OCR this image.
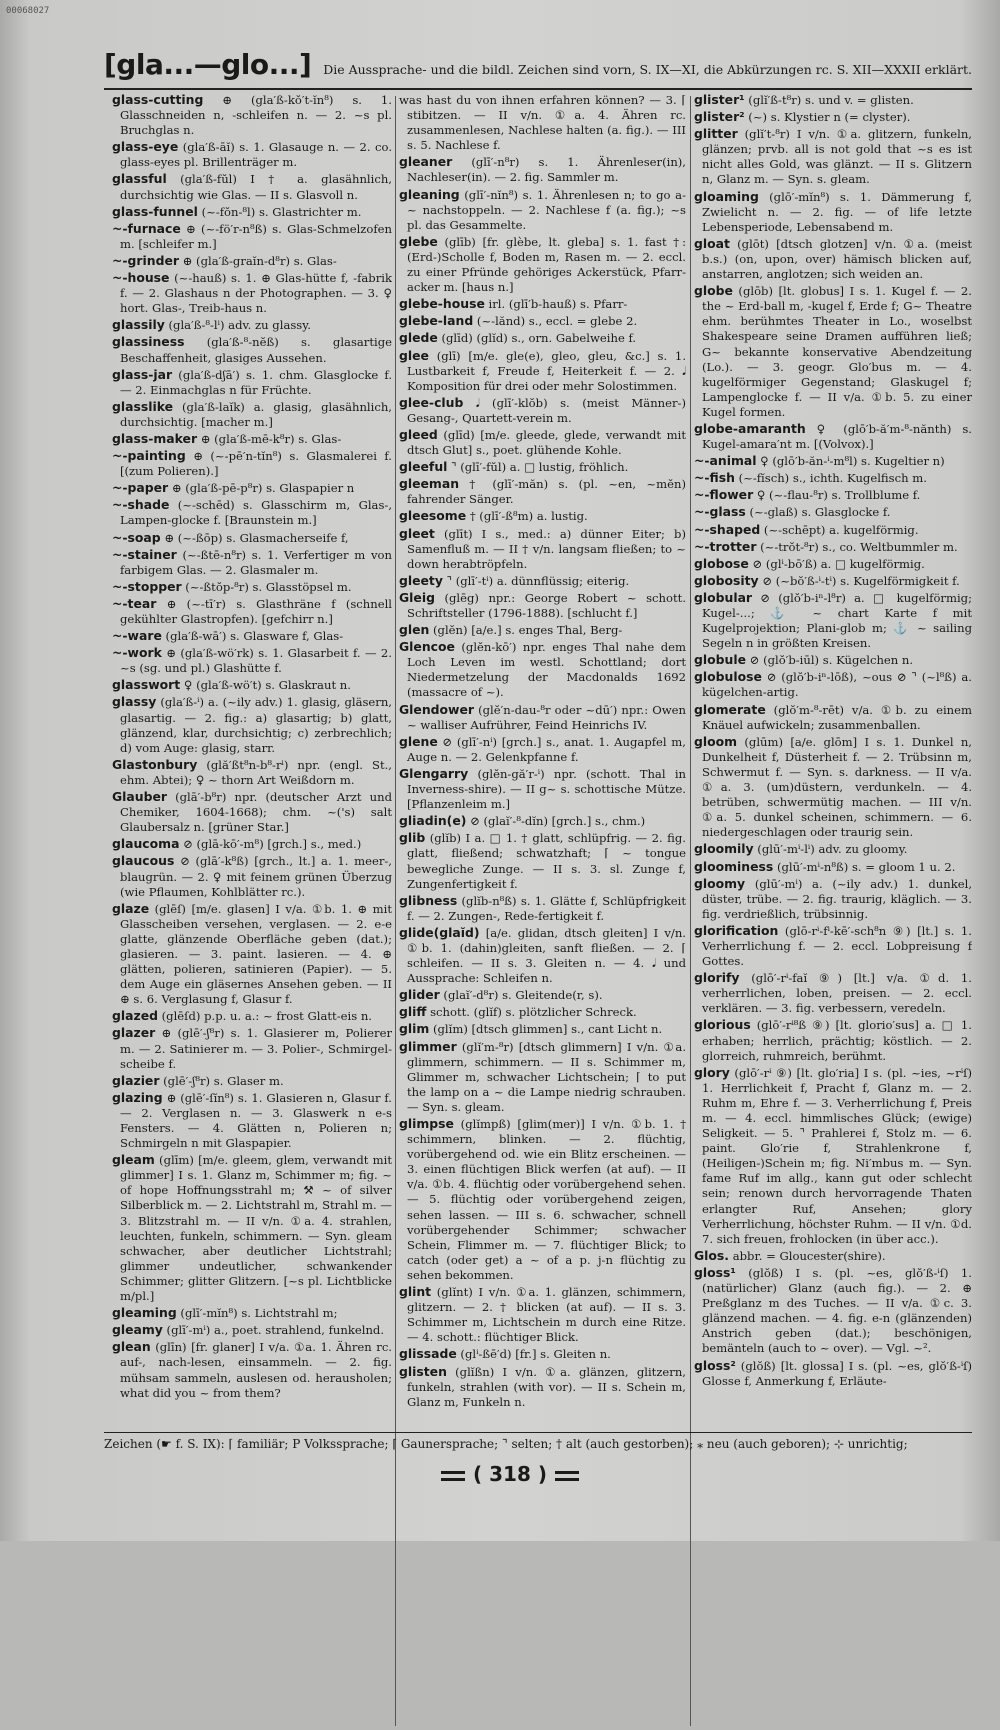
00068027
[gla...—glo...] Die Aussprache- und die bildl. Zeichen sind vorn, S. IX—XI, die Abkürzungen rc. S. XII—XXXII erklärt.
glass-cutting ⊕ (gla′ß-kŏ′t-ĭn⁸) s. 1. Glasschneiden n, -schleifen n. — 2. ~s pl. Bruchglas n.
glass-eye (gla′ß-āĭ) s. 1. Glasauge n. — 2. co. glass-eyes pl. Brillenträger m.
glassful (gla′ß-fŭl) I † a. glasähnlich, durchsichtig wie Glas. — II s. Glasvoll n.
glass-funnel (~-fŏn-⁸l) s. Glastrichter m.
~-furnace ⊕ (~-fö′r-n⁸ß) s. Glas-Schmelzofen m. [schleifer m.]
~-grinder ⊕ (gla′ß-graĭn-d⁸r) s. Glas-
~-house (~-hauß) s. 1. ⊕ Glas-hütte f, -fabrik f. — 2. Glashaus n der Photographen. — 3. ♀ hort. Glas-, Treib-haus n.
glassily (gla′ß-⁸-lⁱ) adv. zu glassy.
glassiness (gla′ß-⁸-nĕß) s. glasartige Beschaffenheit, glasiges Aussehen.
glass-jar (gla′ß-dʃā′) s. 1. chm. Glasglocke f. — 2. Einmachglas n für Früchte.
glasslike (gla′ß-laĭk) a. glasig, glasähnlich, durchsichtig. [macher m.]
glass-maker ⊕ (gla′ß-mē-k⁸r) s. Glas-
~-painting ⊕ (~-pē′n-tĭn⁸) s. Glasmalerei f. [(zum Polieren).]
~-paper ⊕ (gla′ß-pē-p⁸r) s. Glaspapier n
~-shade (~-schēd) s. Glasschirm m, Glas-, Lampen-glocke f. [Braunstein m.]
~-soap ⊕ (~-ßōp) s. Glasmacherseife f,
~-stainer (~-ßtē-n⁸r) s. 1. Verfertiger m von farbigem Glas. — 2. Glasmaler m.
~-stopper (~-ßtŏp-⁸r) s. Glasstöpsel m.
~-tear ⊕ (~-tī′r) s. Glasthräne f (schnell gekühlter Glastropfen). [gefchirr n.]
~-ware (gla′ß-wā′) s. Glasware f, Glas-
~-work ⊕ (gla′ß-wö′rk) s. 1. Glasarbeit f. — 2. ~s (sg. und pl.) Glashütte f.
glasswort ♀ (gla′ß-wö′t) s. Glaskraut n.
glassy (gla′ß-ⁱ) a. (~ily adv.) 1. glasig, gläsern, glasartig. — 2. fig.: a) glasartig; b) glatt, glänzend, klar, durchsichtig; c) zerbrechlich; d) vom Auge: glasig, starr.
Glastonbury (glă′ßt⁸n-b⁸-rⁱ) npr. (engl. St., ehm. Abtei); ♀ ~ thorn Art Weißdorn m.
Glauber (glā′-b⁸r) npr. (deutscher Arzt und Chemiker, 1604-1668); chm. ~('s) salt Glaubersalz n. [grüner Star.]
glaucoma ⊘ (glā-kō′-m⁸) [grch.] s., med.)
glaucous ⊘ (glā′-k⁸ß) [grch., lt.] a. 1. meer-, blaugrün. — 2. ♀ mit feinem grünen Überzug (wie Pflaumen, Kohlblätter rc.).
glaze (glēſ) [m/e. glasen] I v/a. ①b. 1. ⊕ mit Glasscheiben versehen, verglasen. — 2. e-e glatte, glänzende Oberfläche geben (dat.); glasieren. — 3. paint. lasieren. — 4. ⊕ glätten, polieren, satinieren (Papier). — 5. dem Auge ein gläsernes Ansehen geben. — II ⊕ s. 6. Verglasung f, Glasur f.
glazed (glēſd) p.p. u. a.: ~ frost Glatt-eis n.
glazer ⊕ (glē′-ʃ⁸r) s. 1. Glasierer m, Polierer m. — 2. Satinierer m. — 3. Polier-, Schmirgel-scheibe f.
glazier (glē′-ʃ⁸r) s. Glaser m.
glazing ⊕ (glē′-ſĭn⁸) s. 1. Glasieren n, Glasur f. — 2. Verglasen n. — 3. Glaswerk n e-s Fensters. — 4. Glätten n, Polieren n; Schmirgeln n mit Glaspapier.
gleam (glīm) [m/e. gleem, glem, verwandt mit glimmer] I s. 1. Glanz m, Schimmer m; fig. ~ of hope Hoffnungsstrahl m; ⚒ ~ of silver Silberblick m. — 2. Lichtstrahl m, Strahl m. — 3. Blitzstrahl m. — II v/n. ①a. 4. strahlen, leuchten, funkeln, schimmern. — Syn. gleam schwacher, aber deutlicher Lichtstrahl; glimmer undeutlicher, schwankender Schimmer; glitter Glitzern. [~s pl. Lichtblicke m/pl.]
gleaming (glī′-mĭn⁸) s. Lichtstrahl m;
gleamy (glī′-mⁱ) a., poet. strahlend, funkelnd.
glean (glīn) [fr. glaner] I v/a. ①a. 1. Ähren rc. auf-, nach-lesen, einsammeln. — 2. fig. mühsam sammeln, auslesen od. herausholen; what did you ~ from them?
was hast du von ihnen erfahren können? — 3. ⌈ stibitzen. — II v/n. ①a. 4. Ähren rc. zusammenlesen, Nachlese halten (a. fig.). — III s. 5. Nachlese f.
gleaner (glī′-n⁸r) s. 1. Ährenleser(in), Nachleser(in). — 2. fig. Sammler m.
gleaning (glī′-nĭn⁸) s. 1. Ährenlesen n; to go a-~ nachstoppeln. — 2. Nachlese f (a. fig.); ~s pl. das Gesammelte.
glebe (glīb) [fr. glèbe, lt. gleba] s. 1. fast †: (Erd-)Scholle f, Boden m, Rasen m. — 2. eccl. zu einer Pfründe gehöriges Ackerstück, Pfarr-acker m. [haus n.]
glebe-house irl. (glī′b-hauß) s. Pfarr-
glebe-land (~-lănd) s., eccl. = glebe 2.
glede (glīd) (glĭd) s., orn. Gabelweihe f.
glee (glī) [m/e. gle(e), gleo, gleu, &c.] s. 1. Lustbarkeit f, Freude f, Heiterkeit f. — 2. 𝅘𝅥 Komposition für drei oder mehr Solostimmen.
glee-club 𝅘𝅥 (glī′-klŏb) s. (meist Männer-) Gesang-, Quartett-verein m.
gleed (glīd) [m/e. gleede, glede, verwandt mit dtsch Glut] s., poet. glühende Kohle.
gleeful ⌝ (glī′-fŭl) a. □ lustig, fröhlich.
gleeman † (glī′-măn) s. (pl. ~en, ~mĕn) fahrender Sänger.
gleesome † (glī′-ß⁸m) a. lustig.
gleet (glīt) I s., med.: a) dünner Eiter; b) Samenfluß m. — II † v/n. langsam fließen; to ~ down herabtröpfeln.
gleety ⌝ (glī′-tⁱ) a. dünnflüssig; eiterig.
Gleig (glēg) npr.: George Robert ~ schott. Schriftsteller (1796-1888). [schlucht f.]
glen (glĕn) [a/e.] s. enges Thal, Berg-
Glencoe (glĕn-kō′) npr. enges Thal nahe dem Loch Leven im westl. Schottland; dort Niedermetzelung der Macdonalds 1692 (massacre of ~).
Glendower (glĕ′n-dau-⁸r oder ~dū′) npr.: Owen ~ walliser Aufrührer, Feind Heinrichs IV.
glene ⊘ (glī′-nⁱ) [grch.] s., anat. 1. Augapfel m, Auge n. — 2. Gelenkpfanne f.
Glengarry (glĕn-gă′r-ⁱ) npr. (schott. Thal in Inverness-shire). — II g~ s. schottische Mütze. [Pflanzenleim m.]
gliadin(e) ⊘ (glaĭ′-⁸-dĭn) [grch.] s., chm.)
glib (glĭb) I a. □ 1. † glatt, schlüpfrig. — 2. fig. glatt, fließend; schwatzhaft; ⌈ ~ tongue bewegliche Zunge. — II s. 3. sl. Zunge f, Zungenfertigkeit f.
glibness (glĭb-n⁸ß) s. 1. Glätte f, Schlüpfrigkeit f. — 2. Zungen-, Rede-fertigkeit f.
glide(glaĭd) [a/e. glidan, dtsch gleiten] I v/n. ①b. 1. (dahin)gleiten, sanft fließen. — 2. ⌈ schleifen. — II s. 3. Gleiten n. — 4. 𝅘𝅥 und Aussprache: Schleifen n.
glider (glaĭ′-d⁸r) s. Gleitende(r, s).
gliff schott. (glĭf) s. plötzlicher Schreck.
glim (glĭm) [dtsch glimmen] s., cant Licht n.
glimmer (glĭ′m-⁸r) [dtsch glimmern] I v/n. ①a. glimmern, schimmern. — II s. Schimmer m, Glimmer m, schwacher Lichtschein; ⌈ to put the lamp on a ~ die Lampe niedrig schrauben. — Syn. s. gleam.
glimpse (glĭmpß) [glim(mer)] I v/n. ①b. 1. † schimmern, blinken. — 2. flüchtig, vorübergehend od. wie ein Blitz erscheinen. — 3. einen flüchtigen Blick werfen (at auf). — II v/a. ①b. 4. flüchtig oder vorübergehend sehen. — 5. flüchtig oder vorübergehend zeigen, sehen lassen. — III s. 6. schwacher, schnell vorübergehender Schimmer; schwacher Schein, Flimmer m. — 7. flüchtiger Blick; to catch (oder get) a ~ of a p. j-n flüchtig zu sehen bekommen.
glint (glĭnt) I v/n. ①a. 1. glänzen, schimmern, glitzern. — 2. † blicken (at auf). — II s. 3. Schimmer m, Lichtschein m durch eine Ritze. — 4. schott.: flüchtiger Blick.
glissade (glⁱ-ßē′d) [fr.] s. Gleiten n.
glisten (glĭßn) I v/n. ①a. glänzen, glitzern, funkeln, strahlen (with vor). — II s. Schein m, Glanz m, Funkeln n.
glister¹ (glĭ′ß-t⁸r) s. und v. = glisten.
glister² (~) s. Klystier n (= clyster).
glitter (glĭ′t-⁸r) I v/n. ①a. glitzern, funkeln, glänzen; prvb. all is not gold that ~s es ist nicht alles Gold, was glänzt. — II s. Glitzern n, Glanz m. — Syn. s. gleam.
gloaming (glō′-mĭn⁸) s. 1. Dämmerung f, Zwielicht n. — 2. fig. — of life letzte Lebensperiode, Lebensabend m.
gloat (glōt) [dtsch glotzen] v/n. ①a. (meist b.s.) (on, upon, over) hämisch blicken auf, anstarren, anglotzen; sich weiden an.
globe (glōb) [lt. globus] I s. 1. Kugel f. — 2. the ~ Erd-ball m, -kugel f, Erde f; G~ Theatre ehm. berühmtes Theater in Lo., woselbst Shakespeare seine Dramen aufführen ließ; G~ bekannte konservative Abendzeitung (Lo.). — 3. geogr. Glo′bus m. — 4. kugelförmiger Gegenstand; Glaskugel f; Lampenglocke f. — II v/a. ①b. 5. zu einer Kugel formen.
globe-amaranth ♀ (glō′b-ă′m-⁸-nănth) s. Kugel-amara′nt m. [(Volvox).]
~-animal ♀ (glō′b-ăn-ⁱ-m⁸l) s. Kugeltier n)
~-fish (~-fĭsch) s., ichth. Kugelfisch m.
~-flower ♀ (~-flau-⁸r) s. Trollblume f.
~-glass (~-glaß) s. Glasglocke f.
~-shaped (~-schēpt) a. kugelförmig.
~-trotter (~-trŏt-⁸r) s., co. Weltbummler m.
globose ⊘ (glⁱ-bō′ß) a. □ kugelförmig.
globosity ⊘ (~bŏ′ß-ⁱ-tⁱ) s. Kugelförmigkeit f.
globular ⊘ (glŏ′b-iⁿ-l⁸r) a. □ kugelförmig; Kugel-...; ⚓ ~ chart Karte f mit Kugelprojektion; Plani-glob m; ⚓ ~ sailing Segeln n in größten Kreisen.
globule ⊘ (glŏ′b-iūl) s. Kügelchen n.
globulose ⊘ (glŏ′b-iⁿ-lōß), ~ous ⊘ ⌝ (~l⁸ß) a. kügelchen-artig.
glomerate (glŏ′m-⁸-rēt) v/a. ①b. zu einem Knäuel aufwickeln; zusammenballen.
gloom (glūm) [a/e. glōm] I s. 1. Dunkel n, Dunkelheit f, Düsterheit f. — 2. Trübsinn m, Schwermut f. — Syn. s. darkness. — II v/a. ①a. 3. (um)düstern, verdunkeln. — 4. betrüben, schwermütig machen. — III v/n. ①a. 5. dunkel scheinen, schimmern. — 6. niedergeschlagen oder traurig sein.
gloomily (glū′-mⁱ-lⁱ) adv. zu gloomy.
gloominess (glū′-mⁱ-n⁸ß) s. = gloom 1 u. 2.
gloomy (glū′-mⁱ) a. (~ily adv.) 1. dunkel, düster, trübe. — 2. fig. traurig, kläglich. — 3. fig. verdrießlich, trübsinnig.
glorification (glō-rⁱ-fⁱ-kē′-sch⁸n ⑨) [lt.] s. 1. Verherrlichung f. — 2. eccl. Lobpreisung f Gottes.
glorify (glō′-rⁱ-faĭ ⑨) [lt.] v/a. ①d. 1. verherrlichen, loben, preisen. — 2. eccl. verklären. — 3. fig. verbessern, veredeln.
glorious (glō′-rⁱ⁸ß ⑨) [lt. glorio′sus] a. □ 1. erhaben; herrlich, prächtig; köstlich. — 2. glorreich, ruhmreich, berühmt.
glory (glō′-rⁱ ⑨) [lt. glo′ria] I s. (pl. ~ies, ~rⁱſ) 1. Herrlichkeit f, Pracht f, Glanz m. — 2. Ruhm m, Ehre f. — 3. Verherrlichung f, Preis m. — 4. eccl. himmlisches Glück; (ewige) Seligkeit. — 5. ⌝ Prahlerei f, Stolz m. — 6. paint. Glo′rie f, Strahlenkrone f, (Heiligen-)Schein m; fig. Ni′mbus m. — Syn. fame Ruf im allg., kann gut oder schlecht sein; renown durch hervorragende Thaten erlangter Ruf, Ansehen; glory Verherrlichung, höchster Ruhm. — II v/n. ①d. 7. sich freuen, frohlocken (in über acc.).
Glos. abbr. = Gloucester(shire).
gloss¹ (glŏß) I s. (pl. ~es, glŏ′ß-ⁱſ) 1. (natürlicher) Glanz (auch fig.). — 2. ⊕ Preßglanz m des Tuches. — II v/a. ①c. 3. glänzend machen. — 4. fig. e-n (glänzenden) Anstrich geben (dat.); beschönigen, bemänteln (auch to ~ over). — Vgl. ~².
gloss² (glŏß) [lt. glossa] I s. (pl. ~es, glŏ′ß-ⁱſ) Glosse f, Anmerkung f, Erläute-
Zeichen (☛ f. S. IX): ⌈ familiär; P Volkssprache; ⌈ Gaunersprache; ⌝ selten; † alt (auch gestorben); ⁎ neu (auch geboren); ⊹ unrichtig;
( 318 )
